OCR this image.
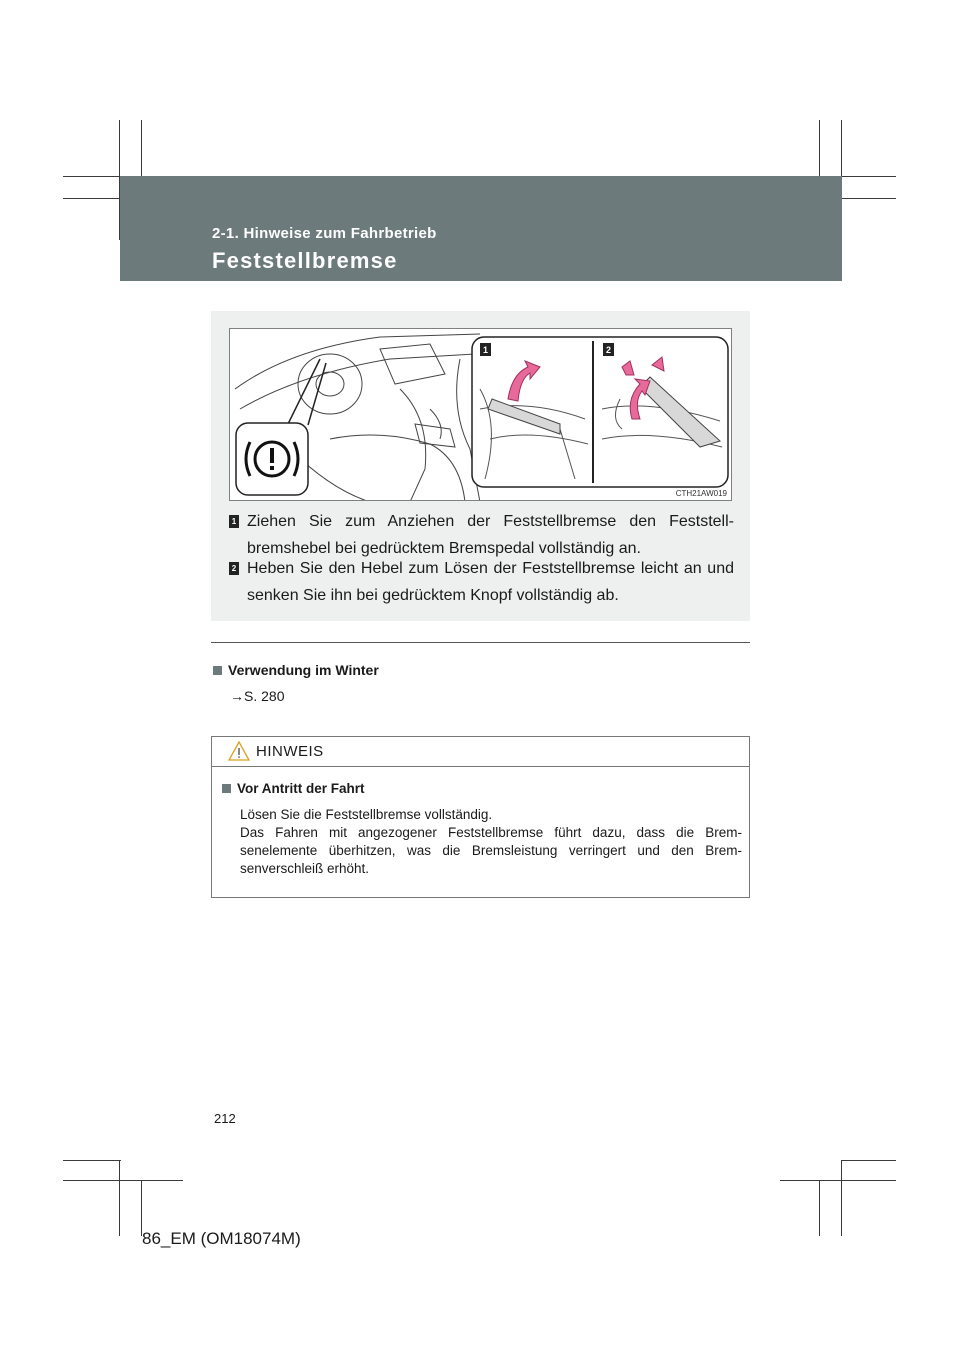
2-1. Hinweise zum Fahrbetrieb
Feststellbremse
1	2
CTH21AW019
1 Ziehen Sie zum Anziehen der Feststellbremse den Feststell-bremshebel bei gedrücktem Bremspedal vollständig an.
2 Heben Sie den Hebel zum Lösen der Feststellbremse leicht an und senken Sie ihn bei gedrücktem Knopf vollständig ab.
Verwendung im Winter
→S. 280
HINWEIS
Vor Antritt der Fahrt
Lösen Sie die Feststellbremse vollständig.
Das Fahren mit angezogener Feststellbremse führt dazu, dass die Brem-senelemente überhitzen, was die Bremsleistung verringert und den Brem-senverschleiß erhöht.
212
86_EM (OM18074M)
